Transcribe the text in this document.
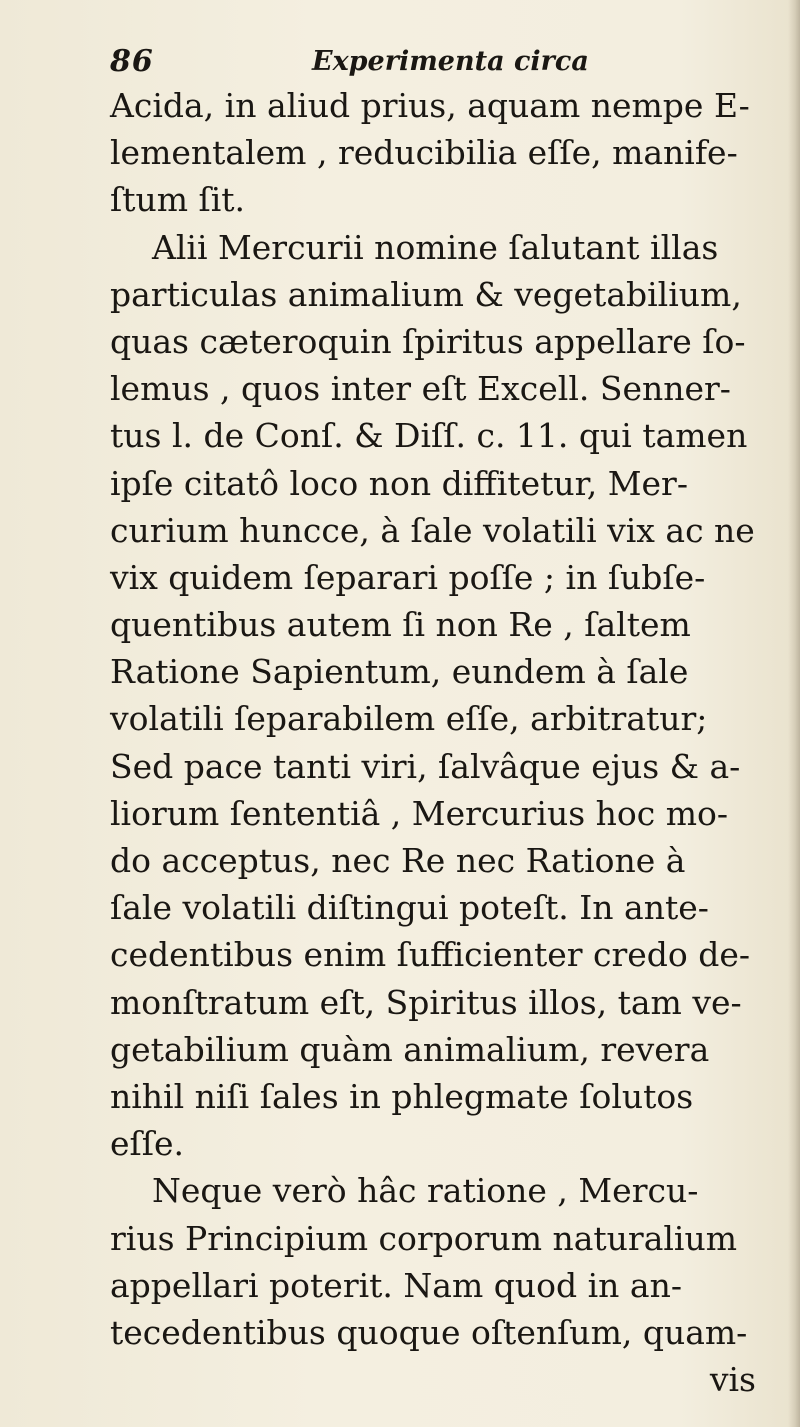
86	Experimenta circa
Acida, in aliud prius, aquam nempe E-
lementalem , reducibilia eſſe, manife-
ſtum ſit.
Alii Mercurii nomine ſalutant illas
particulas animalium & vegetabilium,
quas cæteroquin ſpiritus appellare ſo-
lemus , quos inter eſt Excell. Senner-
tus l. de Conſ. & Diſſ. c. 11. qui tamen
ipſe citatô loco non diffitetur, Mer-
curium huncce, à ſale volatili vix ac ne
vix quidem ſeparari poſſe ; in ſubſe-
quentibus autem ſi non Re , ſaltem
Ratione Sapientum, eundem à ſale
volatili ſeparabilem eſſe, arbitratur;
Sed pace tanti viri, ſalvâque ejus & a-
liorum ſententiâ , Mercurius hoc mo-
do acceptus, nec Re nec Ratione à
ſale volatili diſtingui poteſt. In ante-
cedentibus enim ſufficienter credo de-
monſtratum eſt, Spiritus illos, tam ve-
getabilium quàm animalium, revera
nihil niſi ſales in phlegmate ſolutos
eſſe.
Neque verò hâc ratione , Mercu-
rius Principium corporum naturalium
appellari poterit. Nam quod in an-
tecedentibus quoque oſtenſum, quam-
vis
